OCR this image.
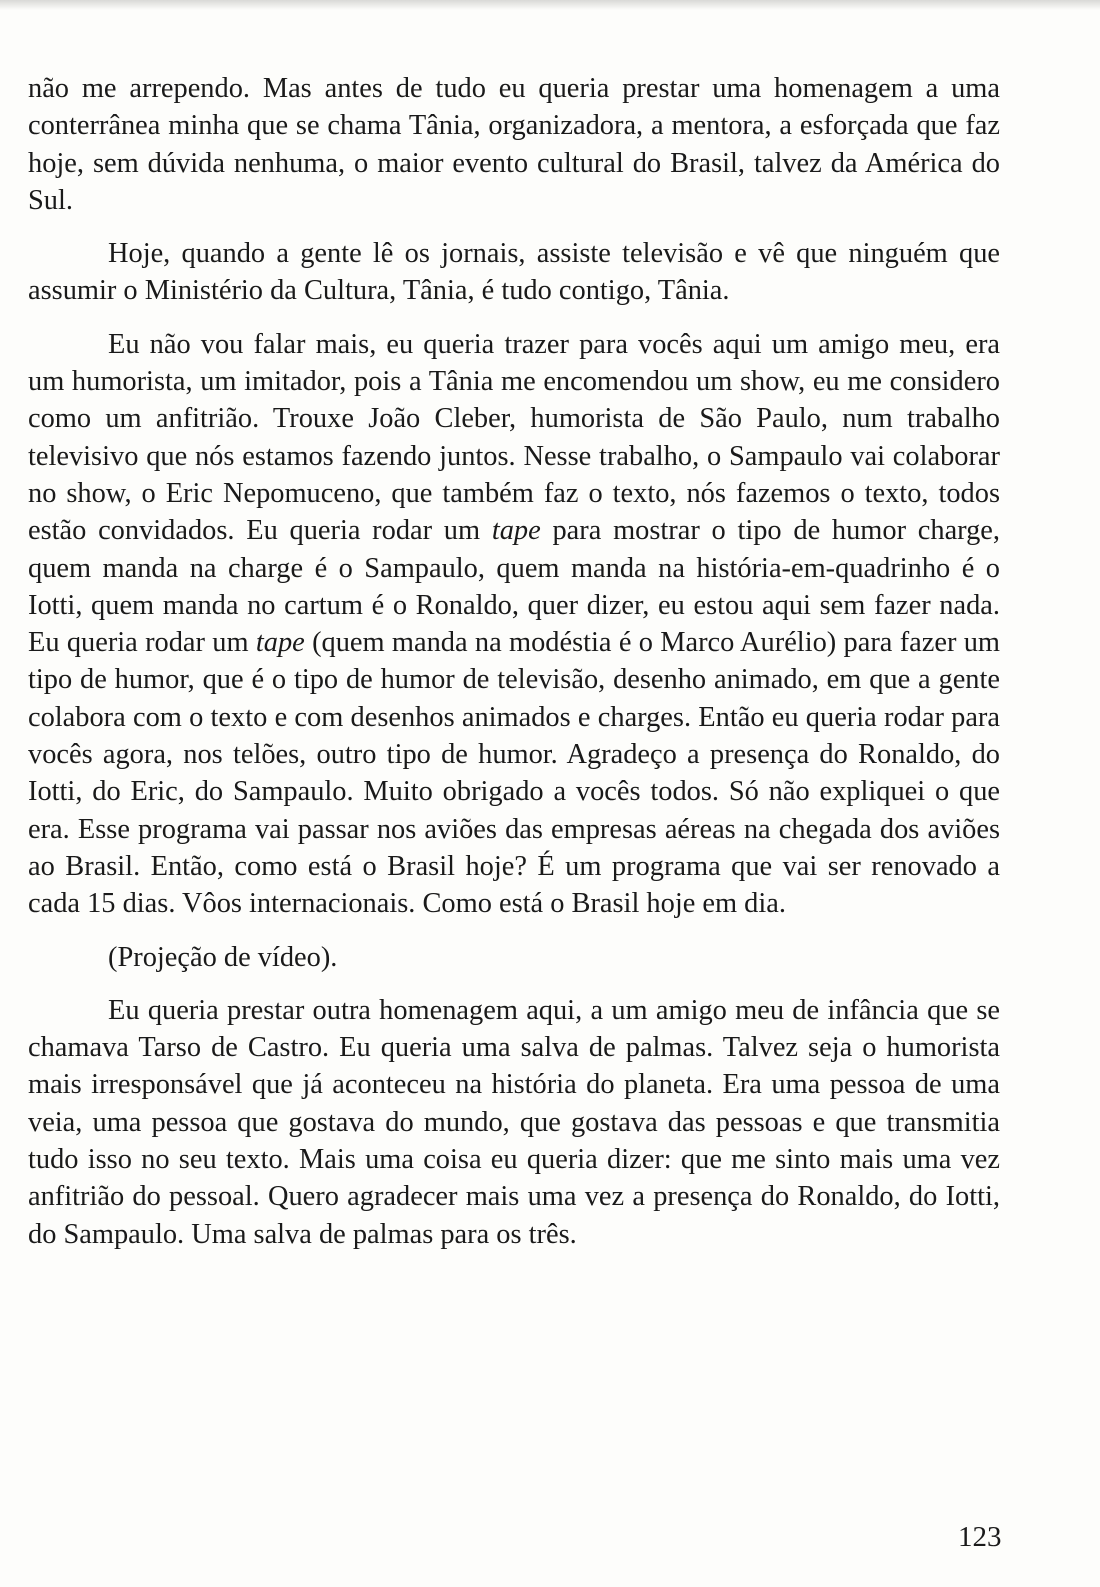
não me arrependo. Mas antes de tudo eu queria prestar uma homenagem a uma conterrânea minha que se chama Tânia, organizadora, a mentora, a esforçada que faz hoje, sem dúvida nenhuma, o maior evento cultural do Brasil, talvez da América do Sul.

Hoje, quando a gente lê os jornais, assiste televisão e vê que ninguém que assumir o Ministério da Cultura, Tânia, é tudo contigo, Tânia.

Eu não vou falar mais, eu queria trazer para vocês aqui um amigo meu, era um humorista, um imitador, pois a Tânia me encomendou um show, eu me considero como um anfitrião. Trouxe João Cleber, humorista de São Paulo, num trabalho televisivo que nós estamos fazendo juntos. Nesse trabalho, o Sampaulo vai colaborar no show, o Eric Nepomuceno, que também faz o texto, nós fazemos o texto, todos estão convidados. Eu queria rodar um tape para mostrar o tipo de humor charge, quem manda na charge é o Sampaulo, quem manda na história-em-quadrinho é o Iotti, quem manda no cartum é o Ronaldo, quer dizer, eu estou aqui sem fazer nada. Eu queria rodar um tape (quem manda na modéstia é o Marco Aurélio) para fazer um tipo de humor, que é o tipo de humor de televisão, desenho animado, em que a gente colabora com o texto e com desenhos animados e charges. Então eu queria rodar para vocês agora, nos telões, outro tipo de humor. Agradeço a presença do Ronaldo, do Iotti, do Eric, do Sampaulo. Muito obrigado a vocês todos. Só não expliquei o que era. Esse programa vai passar nos aviões das empresas aéreas na chegada dos aviões ao Brasil. Então, como está o Brasil hoje? É um programa que vai ser renovado a cada 15 dias. Vôos internacionais. Como está o Brasil hoje em dia.

(Projeção de vídeo).

Eu queria prestar outra homenagem aqui, a um amigo meu de infância que se chamava Tarso de Castro. Eu queria uma salva de palmas. Talvez seja o humorista mais irresponsável que já aconteceu na história do planeta. Era uma pessoa de uma veia, uma pessoa que gostava do mundo, que gostava das pessoas e que transmitia tudo isso no seu texto. Mais uma coisa eu queria dizer: que me sinto mais uma vez anfitrião do pessoal. Quero agradecer mais uma vez a presença do Ronaldo, do Iotti, do Sampaulo. Uma salva de palmas para os três.

123
